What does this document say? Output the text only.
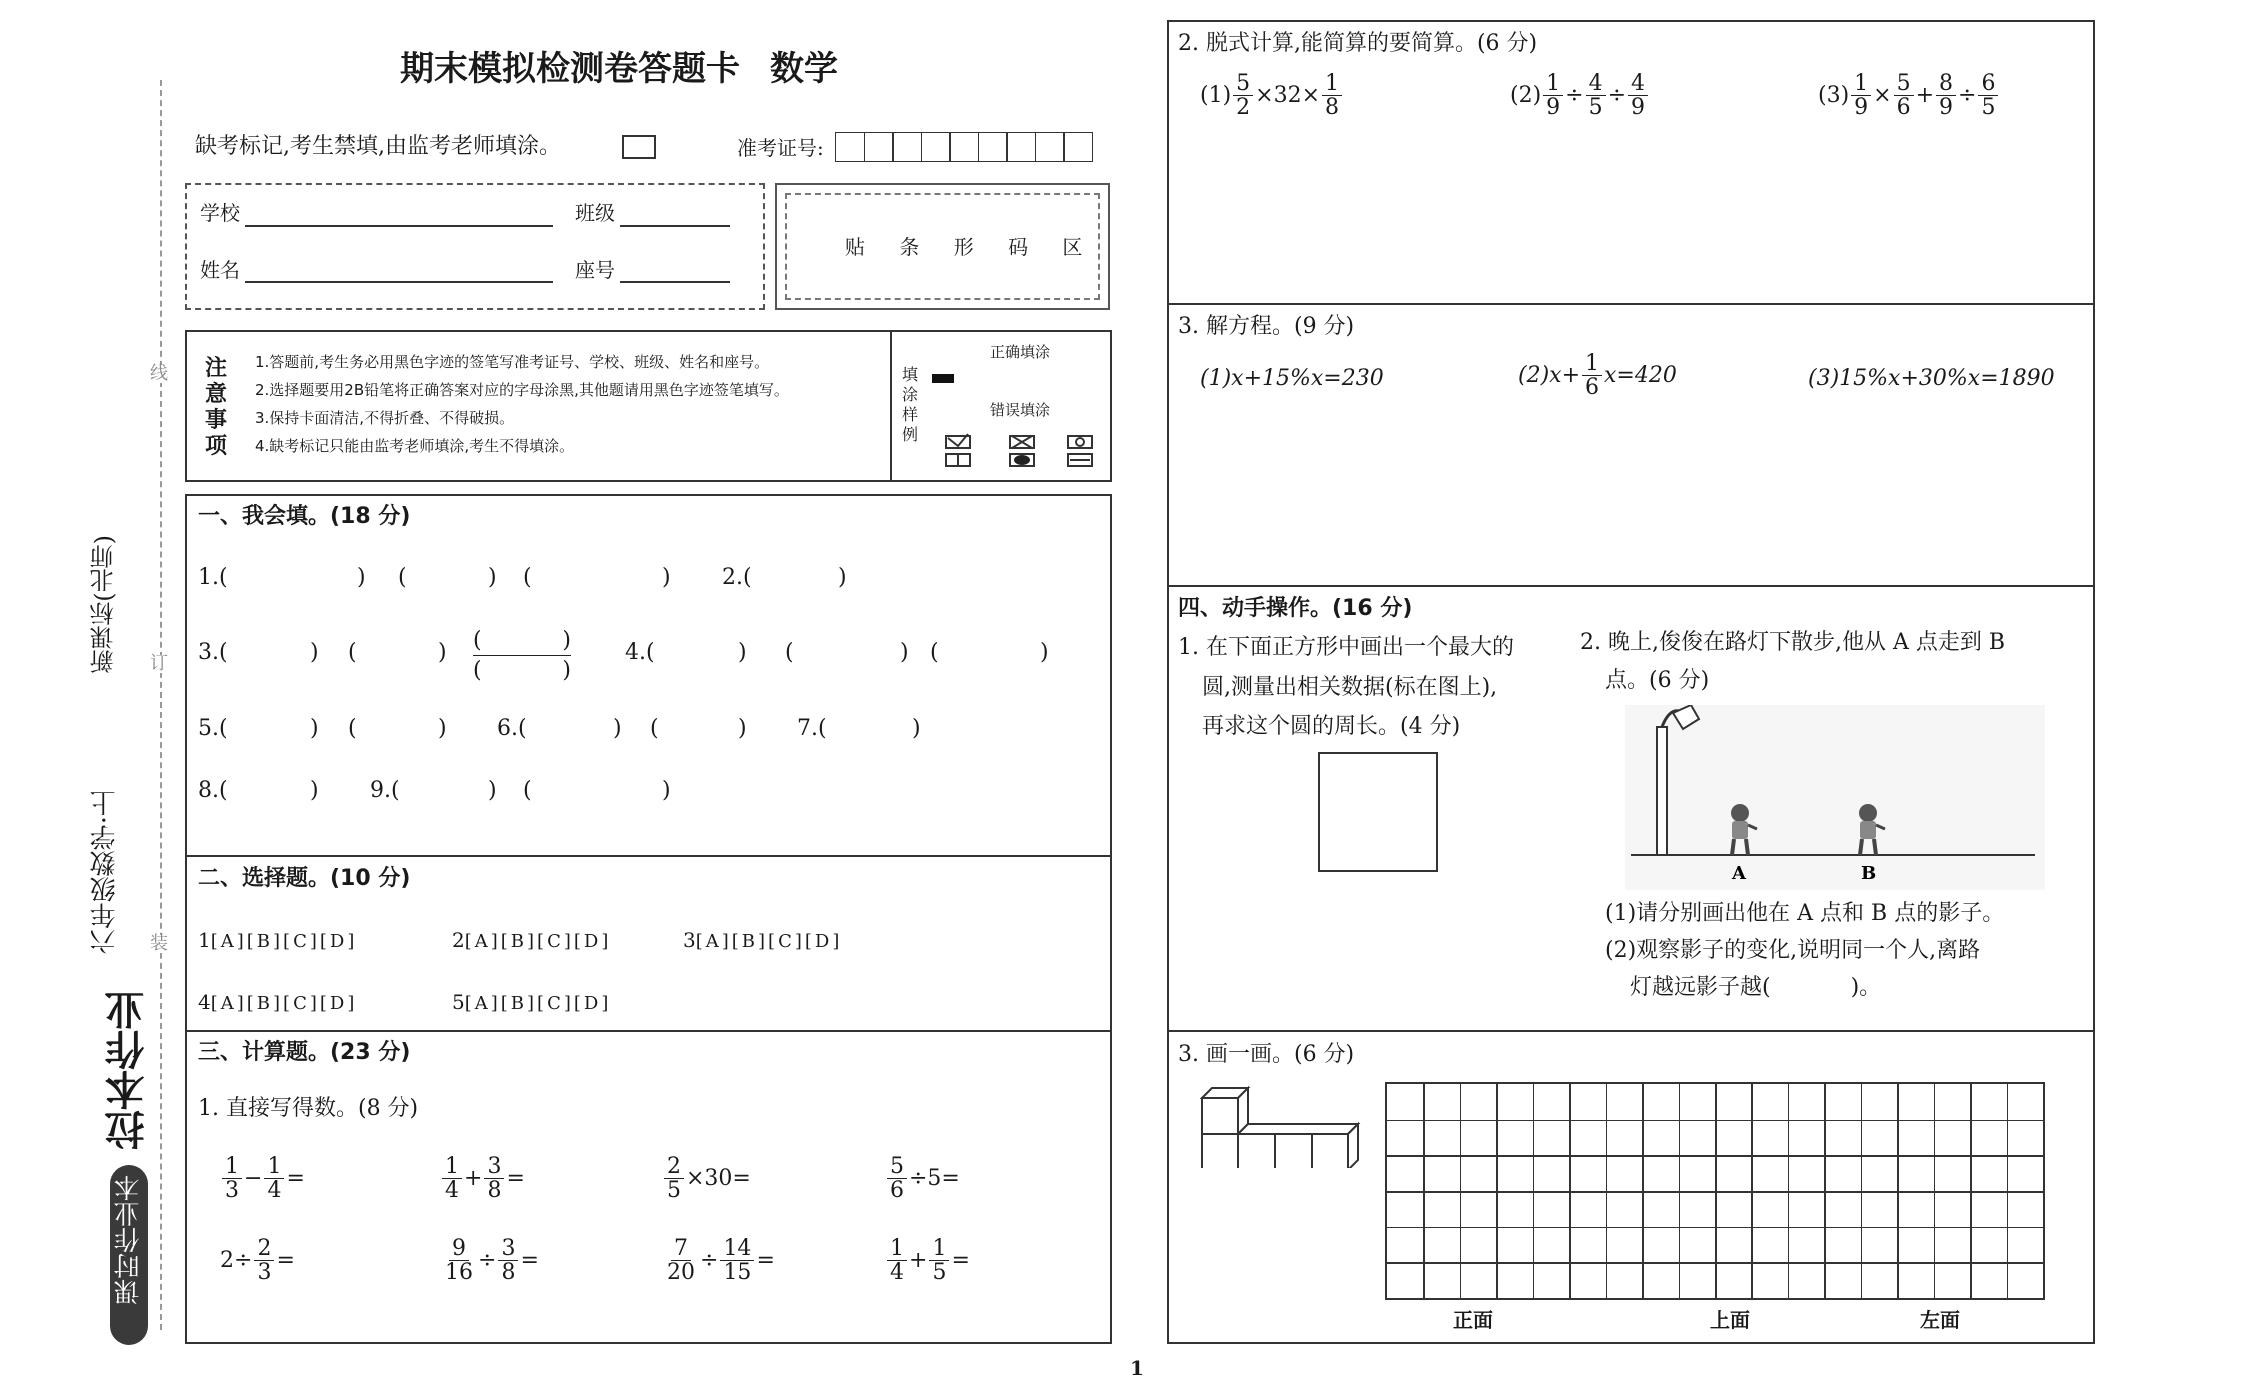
课时作业本
拉本作业
六年级数学·上
新课标(北师)
装
订
线
期末模拟检测卷答题卡 数学
缺考标记,考生禁填,由监考老师填涂。	准考证号:
学校	班级
姓名	座号
贴 条 形 码 区
注
意
事
项
1.答题前,考生务必用黑色字迹的签笔写准考证号、学校、班级、姓名和座号。
2.选择题要用2B铅笔将正确答案对应的字母涂黑,其他题请用黑色字迹签笔填写。
3.保持卡面清洁,不得折叠、不得破损。
4.缺考标记只能由监考老师填涂,考生不得填涂。
填
涂
样
例
正确填涂
错误填涂
一、我会填。(18 分)
1.(	) (	) (	) 2.(	)
3.(	) (	) (	)
(	)
4.(	) (	) (	)
5.(	) (	) 6.(	) (	) 7.(	)
8.(	) 9.(	) (	)
二、选择题。(10 分)
1[A][B][C][D]	2[A][B][C][D]	3[A][B][C][D]
4[A][B][C][D]	5[A][B][C][D]
三、计算题。(23 分)
1. 直接写得数。(8 分)
$\frac{1}{3} - \frac{1}{4}$ =	$\frac{1}{4} + \frac{3}{8}$ =	$\frac{2}{5} \times 30=$	$\frac{5}{6} \div 5=$
$2\div \frac{2}{3}$ =	$\frac{9}{16} \div \frac{3}{8}$ =	$\frac{7}{20} \div \frac{14}{15}$ =	$\frac{1}{4} + \frac{1}{5}$ =
2. 脱式计算,能简算的要简算。(6 分)
$(1) \frac{5}{2} \times 32\times \frac{1}{8}$	$(2) \frac{1}{9} \div \frac{4}{5} \div \frac{4}{9}$	$(3) \frac{1}{9} \times \frac{5}{6} + \frac{8}{9} \div \frac{6}{5}$
3. 解方程。(9 分)
(1)x+15%x=230	$(2)x+ \frac{1}{6} x=420$	(3)15%x+30%x=1890
四、动手操作。(16 分)
1. 在下面正方形中画出一个最大的
圆,测量出相关数据(标在图上),
再求这个圆的周长。(4 分)
2. 晚上,俊俊在路灯下散步,他从 A 点走到 B
点。(6 分)
A	B
(1)请分别画出他在 A 点和 B 点的影子。
(2)观察影子的变化,说明同一个人,离路
灯越远影子越(	)。
3. 画一画。(6 分)
正面	上面	左面
1
